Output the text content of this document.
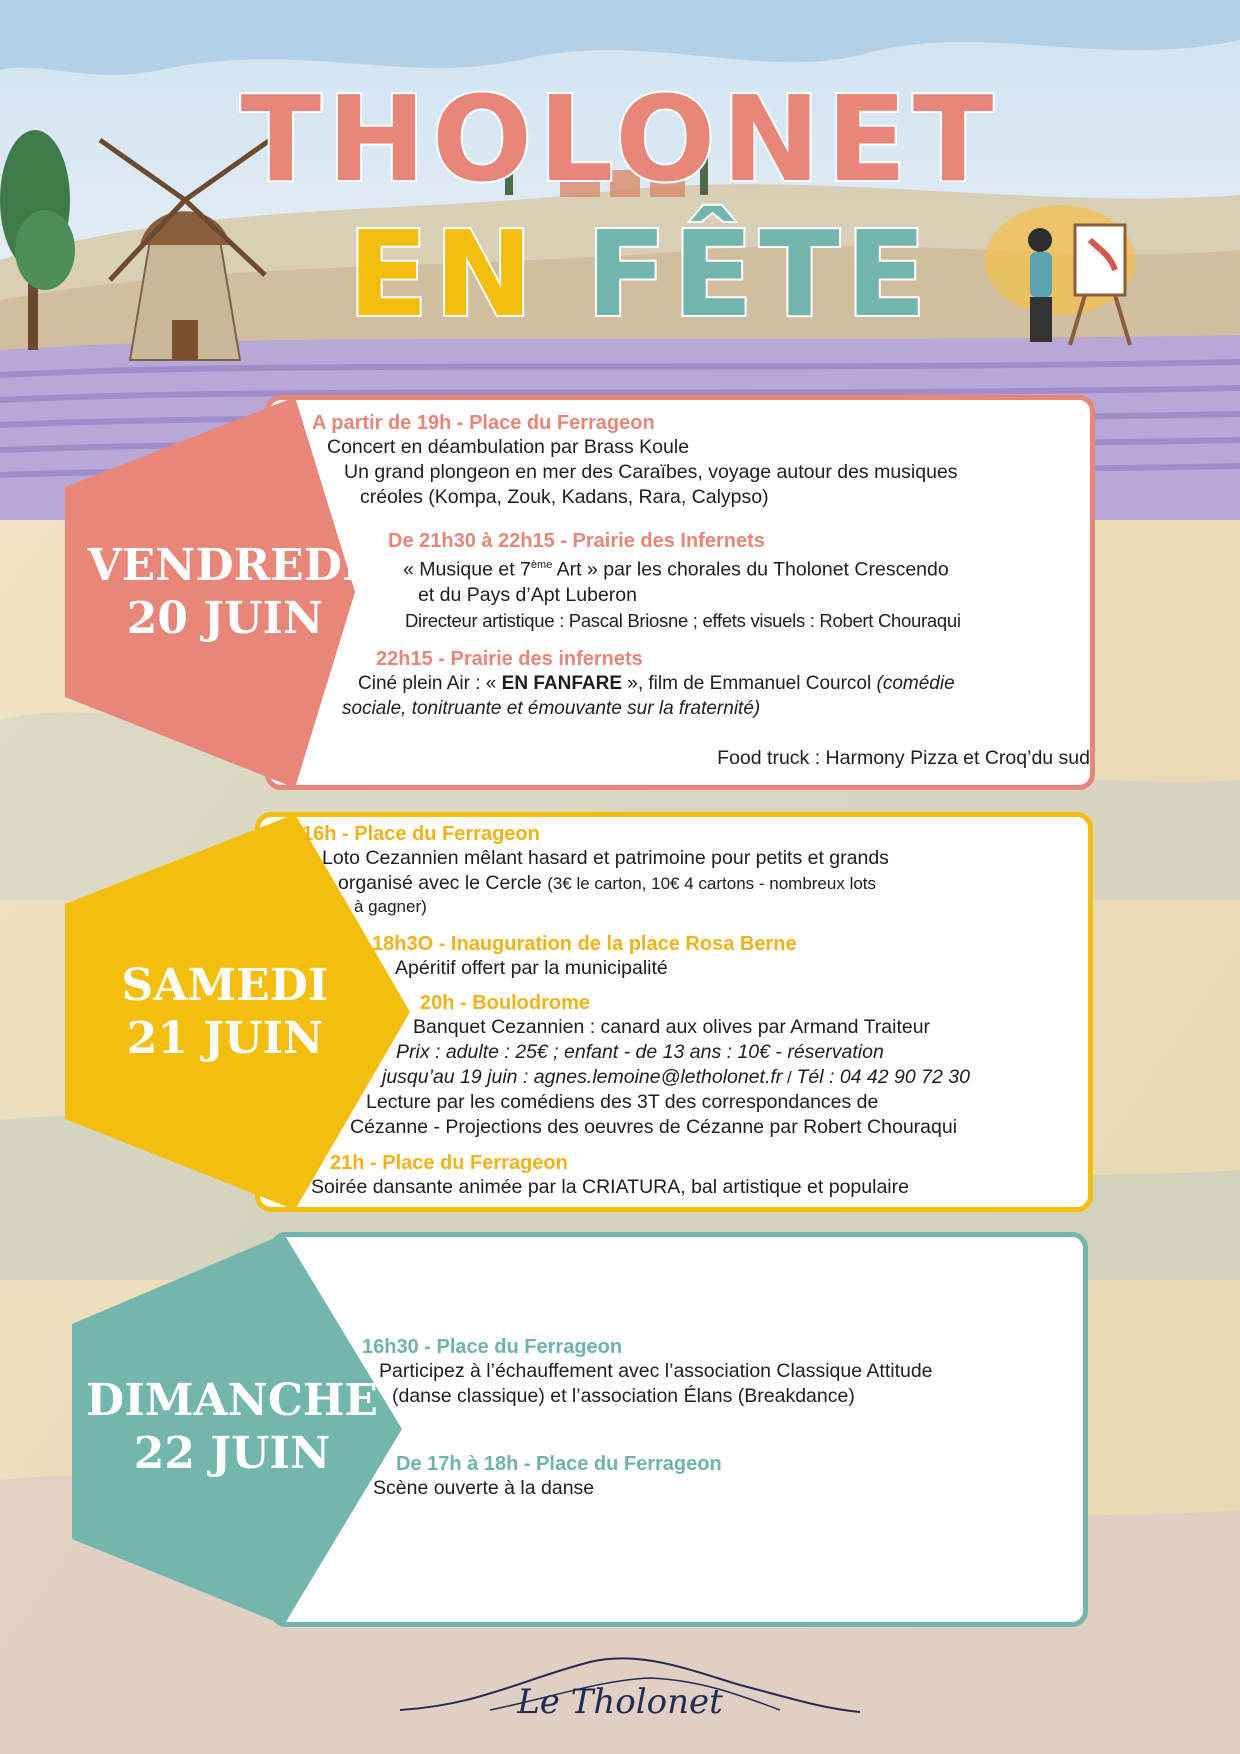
THOLONET
EN FÊTE
VENDREDI
20 JUIN
A partir de 19h - Place du Ferrageon
Concert en déambulation par Brass Koule
Un grand plongeon en mer des Caraïbes, voyage autour des musiques
créoles (Kompa, Zouk, Kadans, Rara, Calypso)
De 21h30 à 22h15 - Prairie des Infernets
« Musique et 7ème Art » par les chorales du Tholonet Crescendo
et du Pays d’Apt Luberon
Directeur artistique : Pascal Briosne ; effets visuels : Robert Chouraqui
22h15 - Prairie des infernets
Ciné plein Air : « EN FANFARE », film de Emmanuel Courcol (comédie
sociale, tonitruante et émouvante sur la fraternité)
Food truck : Harmony Pizza et Croq’du sud
SAMEDI
21 JUIN
16h - Place du Ferrageon
Loto Cezannien mêlant hasard et patrimoine pour petits et grands
organisé avec le Cercle (3€ le carton, 10€ 4 cartons - nombreux lots
à gagner)
18h3O - Inauguration de la place Rosa Berne
Apéritif offert par la municipalité
20h - Boulodrome
Banquet Cezannien : canard aux olives par Armand Traiteur
Prix : adulte : 25€ ; enfant - de 13 ans : 10€ - réservation
jusqu’au 19 juin : agnes.lemoine@letholonet.fr / Tél : 04 42 90 72 30
Lecture par les comédiens des 3T des correspondances de
Cézanne - Projections des oeuvres de Cézanne par Robert Chouraqui
21h - Place du Ferrageon
Soirée dansante animée par la CRIATURA, bal artistique et populaire
DIMANCHE
22 JUIN
16h30 - Place du Ferrageon
Participez à l’échauffement avec l’association Classique Attitude
(danse classique) et l’association Élans (Breakdance)
De 17h à 18h - Place du Ferrageon
Scène ouverte à la danse
Le Tholonet
